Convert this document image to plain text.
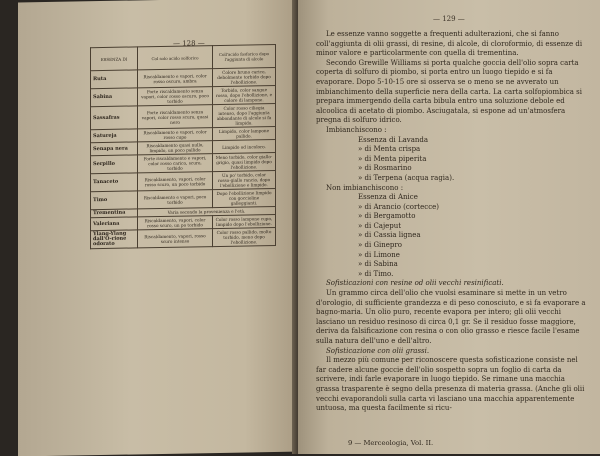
— 128 —
ESSENZA DI	Col solo acido solforico	Coll'acido fosforico dopo l'aggiunta di alcole
Ruta	Riscaldamento e vapori, color rosso oscuro, ambra	Colore bruno carico, debolmente torbido dopo l'ebollizione.
Sabina	Forte riscaldamento senza vapori, color rosso oscuro, poco torbido	Torbido, color sangue rosso, dopo l'ebollizione, e colore di lampone.
Sassafras	Forte riscaldamento senza vapori, color rosso scuro, quasi nero	Color rosso ciliegia intenso, dopo l'aggiunta abbondante di alcole si fa limpido.
Satureja	Riscaldamento e vapori, color rosso cupo	Limpido, color lampone pallido.
Senapa nera	Riscaldamento quasi nullo, limpido, un poco pallido	Limpido od incoloro.
Serpillo	Forte riscaldamento e vapori, color rosso carico, scuro, torbido	Meno torbido, color giallo-grigio, quasi limpido dopo l'ebollizione.
Tanaceto	Riscaldamento, vapori, color rosso scuro, un poco torbido	Un po' torbido, color rosso-giallo rancio, dopo l'ebollizione e limpido.
Timo	Riscaldamento e vapori, poco torbido	Dopo l'ebollizione limpido con goccioline galleggianti.
Trementina	Varia secondo la provenienza e l'età.	
Valeriana	Riscaldamento, vapori, color rosso scuro, un po torbido	Color rosso lampone cupo, limpido dopo l'ebollizione.
Ylang-Ylang dall'O-rione odorato	Riscaldamento, vapori, rosso scuro intenso	Color rosso pallido, molto torbido, meno dopo l'ebollizione.
— 129 —

Le essenze vanno soggette a frequenti adulterazioni, che si fanno coll'aggiunta di olii grassi, di resine, di alcole, di cloroformio, di essenze di minor valore e particolarmente con quella di trementina.

Secondo Grewille Williams si porta qualche goccia dell'olio sopra carta coperta di solfuro di piombo, si porta entro un luogo tiepido e si fa evaporare. Dopo 5-10-15 ore si osserva se o meno se ne avverato un imbianchimento della superficie nera della carta. La carta solfopiombica si prepara immergendo della carta bibula entro una soluzione debole ed alcoolica di acetato di piombo. Asciugatala, si espone ad un'atmosfera pregna di solfuro idrico.

Imbianchiscono :

Essenza di Lavanda
» di Menta crispa
» di Menta piperita
» di Rosmarino
» di Terpena (acqua ragia).

Non imbianchiscono :

Essenza di Anice
» di Arancio (cortecce)
» di Bergamotto
» di Cajeput
» di Cassia lignea
» di Ginepro
» di Limone
» di Sabina
» di Timo.

Sofisticazioni con resine od olii vecchi resinificati.

Un grammo circa dell'olio che vuolsi esaminare si mette in un vetro d'orologio, di sufficiente grandezza e di peso conosciuto, e si fa evaporare a bagno-maria. Un olio puro, recente evapora per intero; gli olii vecchi lasciano un residuo resinoso di circa 0,1 gr. Se il residuo fosse maggiore, deriva da falsificazione con resina o con olio grasso e riesce facile l'esame sulla natura dell'uno e dell'altro.

Sofisticazione con olii grassi.

Il mezzo più comune per riconoscere questa sofisticazione consiste nel far cadere alcune goccie dell'olio sospetto sopra un foglio di carta da scrivere, indi farle evaporare in luogo tiepido. Se rimane una macchia grassa trasparente è segno della presenza di materia grassa. (Anche gli olii vecchi evaporandoli sulla carta vi lasciano una macchia apparentemente untuosa, ma questa facilmente si ricu-

9 — Merceologia, Vol. II.
